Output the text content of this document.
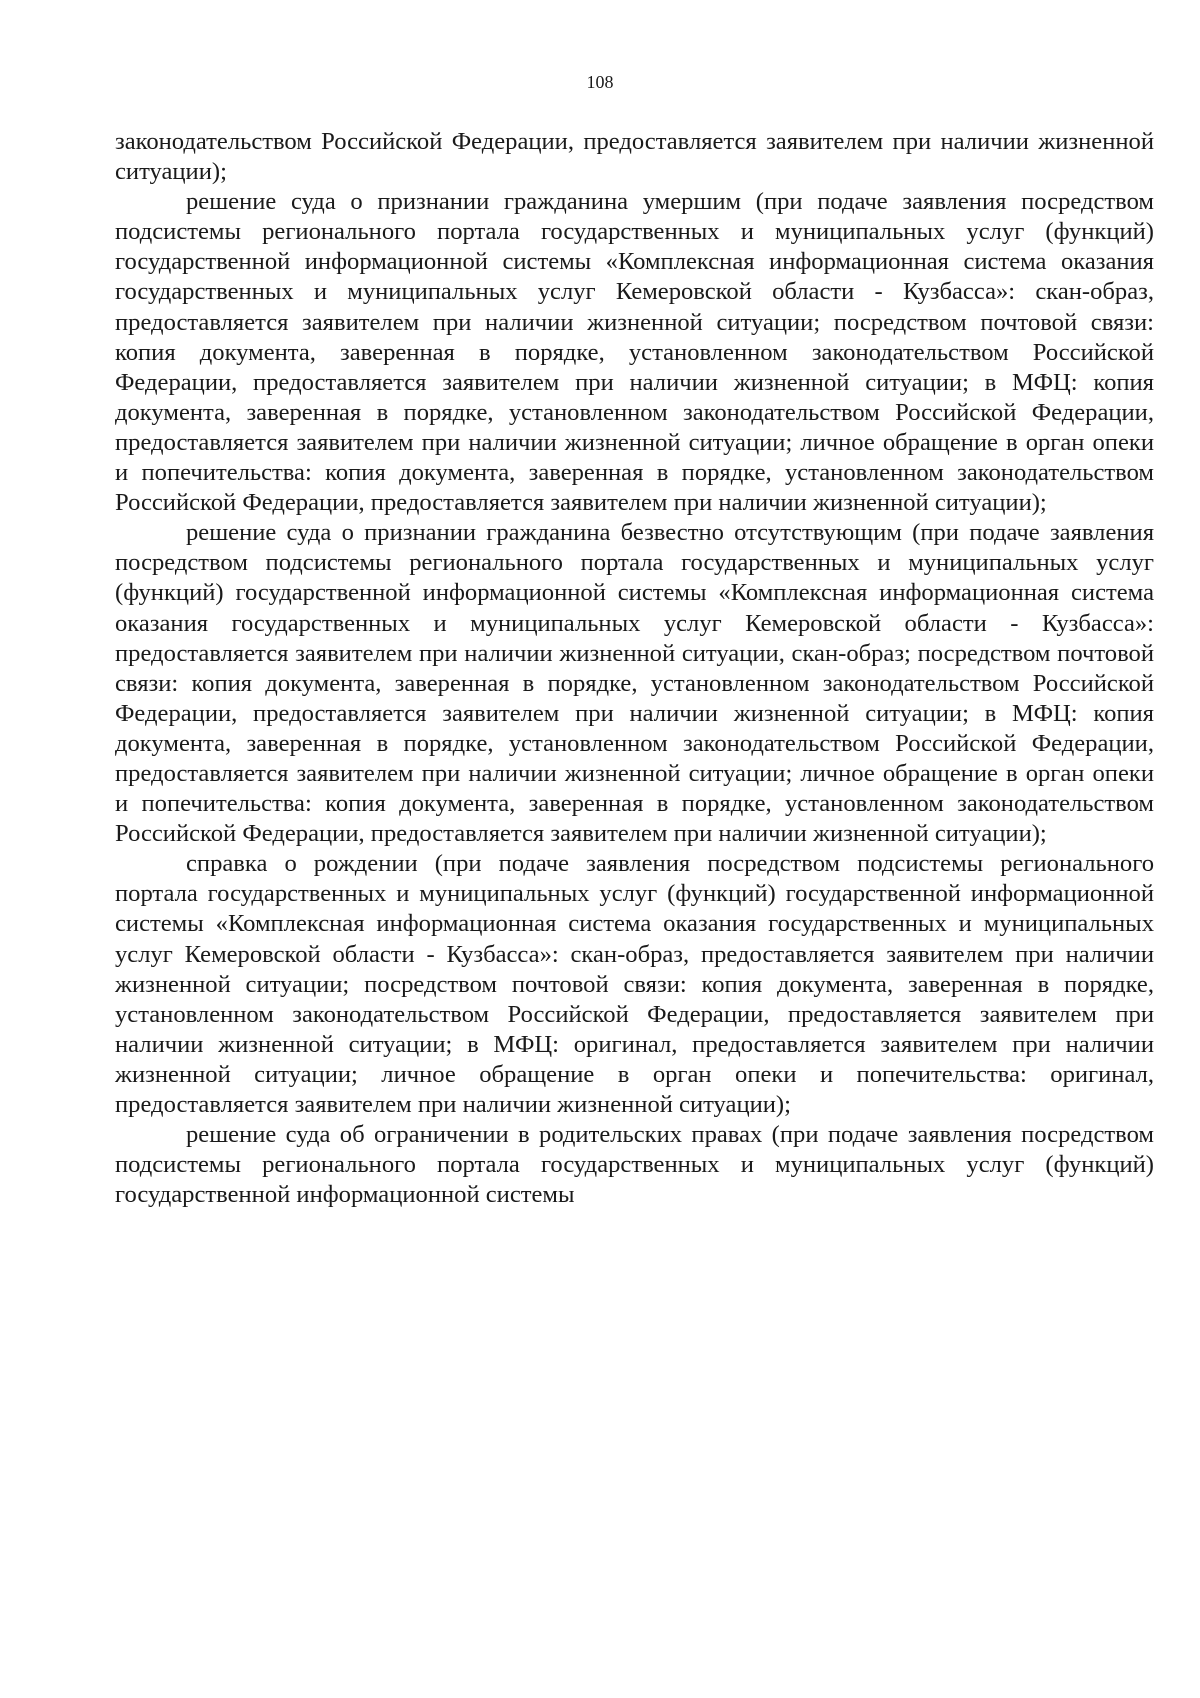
108

законодательством Российской Федерации, предоставляется заявителем при наличии жизненной ситуации);

решение суда о признании гражданина умершим (при подаче заявления посредством подсистемы регионального портала государственных и муниципальных услуг (функций) государственной информационной системы «Комплексная информационная система оказания государственных и муниципальных услуг Кемеровской области - Кузбасса»: скан-образ, предоставляется заявителем при наличии жизненной ситуации; посредством почтовой связи: копия документа, заверенная в порядке, установленном законодательством Российской Федерации, предоставляется заявителем при наличии жизненной ситуации; в МФЦ: копия документа, заверенная в порядке, установленном законодательством Российской Федерации, предоставляется заявителем при наличии жизненной ситуации; личное обращение в орган опеки и попечительства: копия документа, заверенная в порядке, установленном законодательством Российской Федерации, предоставляется заявителем при наличии жизненной ситуации);

решение суда о признании гражданина безвестно отсутствующим (при подаче заявления посредством подсистемы регионального портала государственных и муниципальных услуг (функций) государственной информационной системы «Комплексная информационная система оказания государственных и муниципальных услуг Кемеровской области - Кузбасса»: предоставляется заявителем при наличии жизненной ситуации, скан-образ; посредством почтовой связи: копия документа, заверенная в порядке, установленном законодательством Российской Федерации, предоставляется заявителем при наличии жизненной ситуации; в МФЦ: копия документа, заверенная в порядке, установленном законодательством Российской Федерации, предоставляется заявителем при наличии жизненной ситуации; личное обращение в орган опеки и попечительства: копия документа, заверенная в порядке, установленном законодательством Российской Федерации, предоставляется заявителем при наличии жизненной ситуации);

справка о рождении (при подаче заявления посредством подсистемы регионального портала государственных и муниципальных услуг (функций) государственной информационной системы «Комплексная информационная система оказания государственных и муниципальных услуг Кемеровской области - Кузбасса»: скан-образ, предоставляется заявителем при наличии жизненной ситуации; посредством почтовой связи: копия документа, заверенная в порядке, установленном законодательством Российской Федерации, предоставляется заявителем при наличии жизненной ситуации; в МФЦ: оригинал, предоставляется заявителем при наличии жизненной ситуации; личное обращение в орган опеки и попечительства: оригинал, предоставляется заявителем при наличии жизненной ситуации);

решение суда об ограничении в родительских правах (при подаче заявления посредством подсистемы регионального портала государственных и муниципальных услуг (функций) государственной информационной системы
